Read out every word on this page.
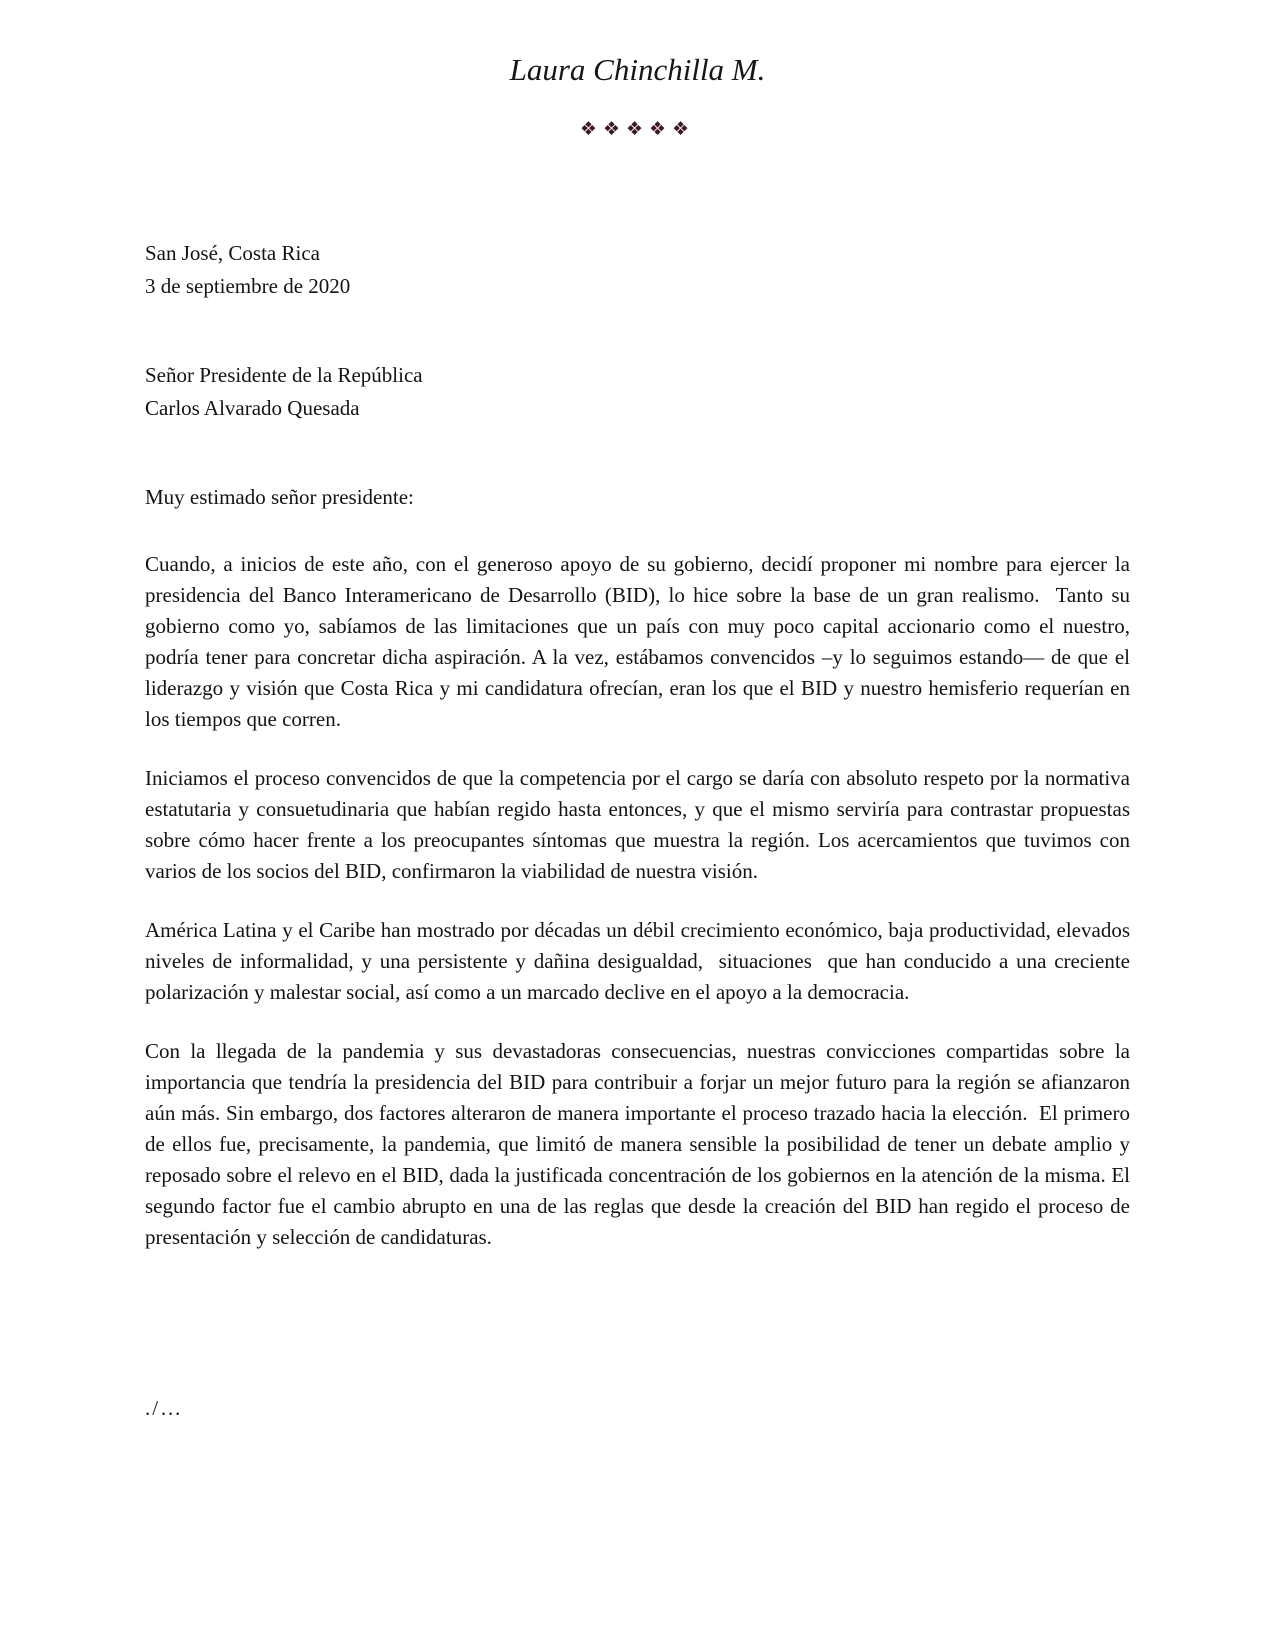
Laura Chinchilla M.
❖❖❖❖❖
San José, Costa Rica
3 de septiembre de 2020
Señor Presidente de la República
Carlos Alvarado Quesada
Muy estimado señor presidente:

Cuando, a inicios de este año, con el generoso apoyo de su gobierno, decidí proponer mi nombre para ejercer la presidencia del Banco Interamericano de Desarrollo (BID), lo hice sobre la base de un gran realismo.  Tanto su gobierno como yo, sabíamos de las limitaciones que un país con muy poco capital accionario como el nuestro, podría tener para concretar dicha aspiración. A la vez, estábamos convencidos –y lo seguimos estando— de que el liderazgo y visión que Costa Rica y mi candidatura ofrecían, eran los que el BID y nuestro hemisferio requerían en los tiempos que corren.

Iniciamos el proceso convencidos de que la competencia por el cargo se daría con absoluto respeto por la normativa estatutaria y consuetudinaria que habían regido hasta entonces, y que el mismo serviría para contrastar propuestas sobre cómo hacer frente a los preocupantes síntomas que muestra la región. Los acercamientos que tuvimos con varios de los socios del BID, confirmaron la viabilidad de nuestra visión.

América Latina y el Caribe han mostrado por décadas un débil crecimiento económico, baja productividad, elevados niveles de informalidad, y una persistente y dañina desigualdad,  situaciones  que han conducido a una creciente polarización y malestar social, así como a un marcado declive en el apoyo a la democracia.

Con la llegada de la pandemia y sus devastadoras consecuencias, nuestras convicciones compartidas sobre la importancia que tendría la presidencia del BID para contribuir a forjar un mejor futuro para la región se afianzaron aún más. Sin embargo, dos factores alteraron de manera importante el proceso trazado hacia la elección.  El primero de ellos fue, precisamente, la pandemia, que limitó de manera sensible la posibilidad de tener un debate amplio y reposado sobre el relevo en el BID, dada la justificada concentración de los gobiernos en la atención de la misma. El segundo factor fue el cambio abrupto en una de las reglas que desde la creación del BID han regido el proceso de presentación y selección de candidaturas.

./…
